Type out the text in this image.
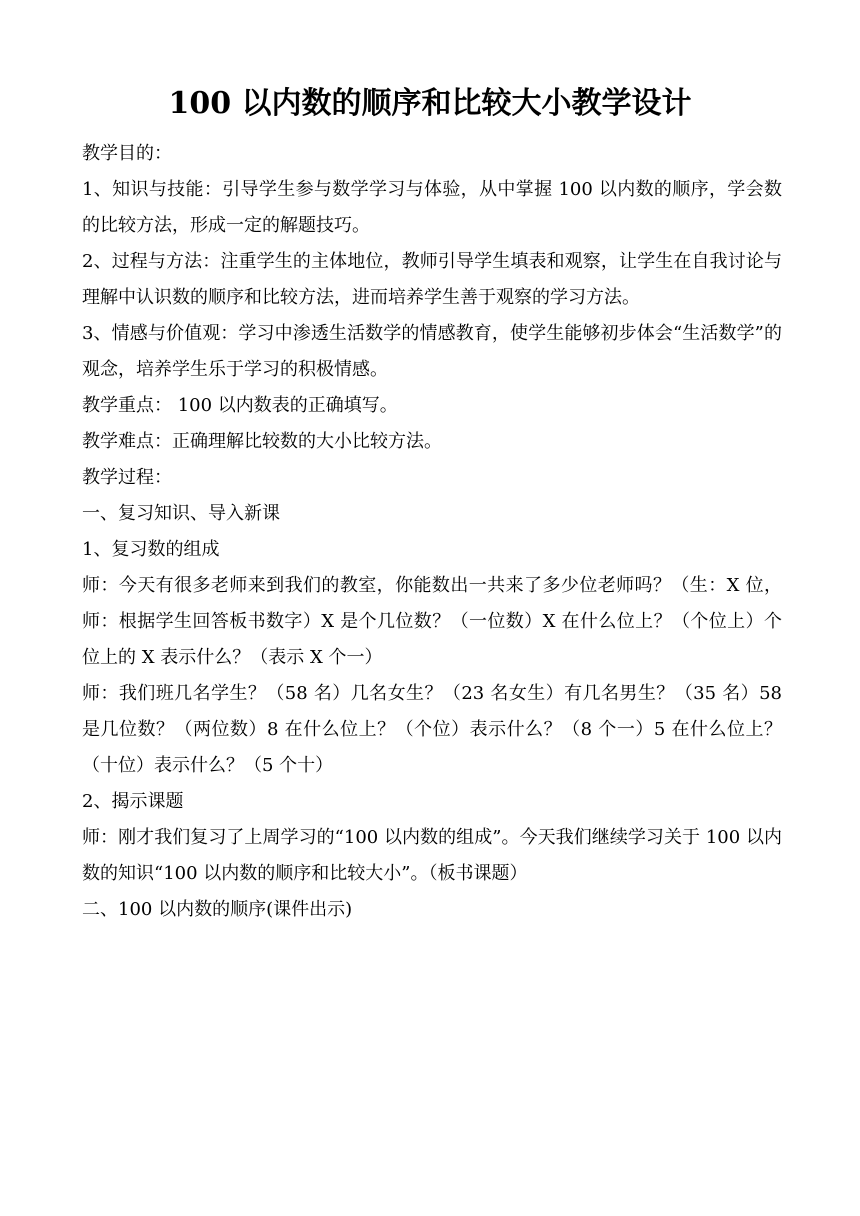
100 以内数的顺序和比较大小教学设计

教学目的：

1、知识与技能：引导学生参与数学学习与体验，从中掌握 100 以内数的顺序，学会数的比较方法，形成一定的解题技巧。

2、过程与方法：注重学生的主体地位，教师引导学生填表和观察，让学生在自我讨论与理解中认识数的顺序和比较方法，进而培养学生善于观察的学习方法。

3、情感与价值观：学习中渗透生活数学的情感教育，使学生能够初步体会“生活数学”的观念，培养学生乐于学习的积极情感。

教学重点： 100 以内数表的正确填写。

教学难点：正确理解比较数的大小比较方法。

教学过程：

一、复习知识、导入新课

1、复习数的组成

师：今天有很多老师来到我们的教室，你能数出一共来了多少位老师吗？（生：X 位，师：根据学生回答板书数字）X 是个几位数？（一位数）X 在什么位上？（个位上）个位上的 X 表示什么？（表示 X 个一）

师：我们班几名学生？（58 名）几名女生？（23 名女生）有几名男生？（35 名）58 是几位数？（两位数）8 在什么位上？（个位）表示什么？（8 个一）5 在什么位上？（十位）表示什么？（5 个十）

2、揭示课题

师：刚才我们复习了上周学习的“100 以内数的组成”。今天我们继续学习关于 100 以内数的知识“100 以内数的顺序和比较大小”。（板书课题）

二、100 以内数的顺序(课件出示)
